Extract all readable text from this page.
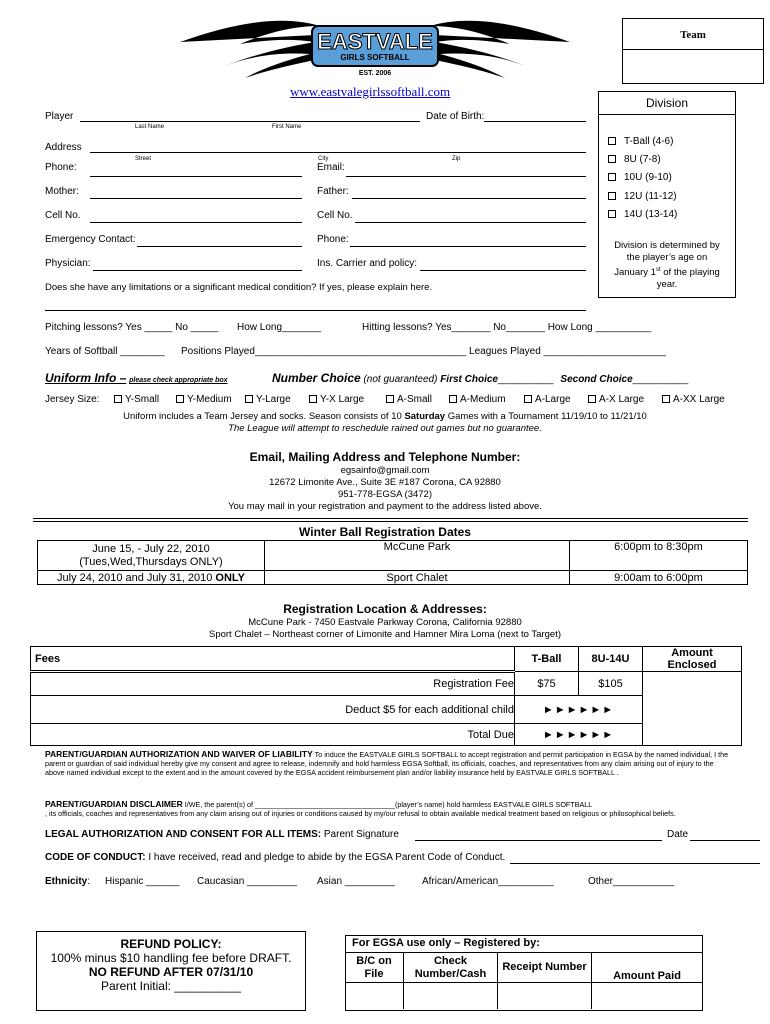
EASTVALE
GIRLS SOFTBALL
EST. 2006
Team
www.eastvalegirlssoftball.com
Player
Last Name	First Name
Date of Birth:
Address
Street	City	Zip
Phone:	Email:
Mother:	Father:
Cell No.	Cell No.
Emergency Contact:	Phone:
Physician:	Ins. Carrier and policy:
Does she have any limitations or a significant medical condition? If yes, please explain here.
Division
T-Ball (4-6)
8U (7-8)
10U (9-10)
12U (11-12)
14U (13-14)
Division is determined by
the player’s age on
January 1st of the playing
year.
Pitching lessons? Yes _____ No _____ How Long_______	Hitting lessons? Yes_______ No_______ How Long __________
Years of Softball ________ Positions Played______________________________________ Leagues Played ______________________
Uniform Info – please check appropriate box	Number Choice (not guaranteed) First Choice__________ Second Choice__________
Jersey Size:	Y-Small	Y-Medium	Y-Large	Y-X Large	A-Small	A-Medium	A-Large	A-X Large	A-XX Large
Uniform includes a Team Jersey and socks. Season consists of 10 Saturday Games with a Tournament 11/19/10 to 11/21/10
The League will attempt to reschedule rained out games but no guarantee.
Email, Mailing Address and Telephone Number:
egsainfo@gmail.com
12672 Limonite Ave., Suite 3E #187 Corona, CA 92880
951-778-EGSA (3472)
You may mail in your registration and payment to the address listed above.
Winter Ball Registration Dates
June 15, - July 22, 2010
(Tues,Wed,Thursdays ONLY)	McCune Park	6:00pm to 8:30pm
July 24, 2010 and July 31, 2010 ONLY	Sport Chalet	9:00am to 6:00pm
Registration Location & Addresses:
McCune Park - 7450 Eastvale Parkway Corona, California 92880
Sport Chalet – Northeast corner of Limonite and Hamner Mira Loma (next to Target)
Fees	T-Ball	8U-14U	Amount Enclosed
Registration Fee	$75	$105	
Deduct $5 for each additional child	►►►►►►		
Total Due	►►►►►►		
PARENT/GUARDIAN AUTHORIZATION AND WAIVER OF LIABILITY To induce the EASTVALE GIRLS SOFTBALL to accept registration and permit participation in EGSA by the named individual, I the parent or guardian of said individual hereby give my consent and agree to release, indemnify and hold harmless EGSA Softball, its officials, coaches, and representatives from any claim arising out of injury to the above named individual except to the extent and in the amount covered by the EGSA accident reimbursement plan and/or liability insurance held by EASTVALE GIRLS SOFTBALL .
PARENT/GUARDIAN DISCLAIMER I/WE, the parent(s) of ___________________________________(player’s name) hold harmless EASTVALE GIRLS SOFTBALL
, its officials, coaches and representatives from any claim arising out of injuries or conditions caused by my/our refusal to obtain available medical treatment based on religious or philosophical beliefs.
LEGAL AUTHORIZATION AND CONSENT FOR ALL ITEMS: Parent Signature	Date
CODE OF CONDUCT: I have received, read and pledge to abide by the EGSA Parent Code of Conduct.
Ethnicity: Hispanic ______ Caucasian _________ Asian _________	African/American__________	Other___________
REFUND POLICY:
100% minus $10 handling fee before DRAFT.
NO REFUND AFTER 07/31/10
Parent Initial: __________
For EGSA use only – Registered by:
B/C on File	Check Number/Cash	Receipt Number	Amount Paid
